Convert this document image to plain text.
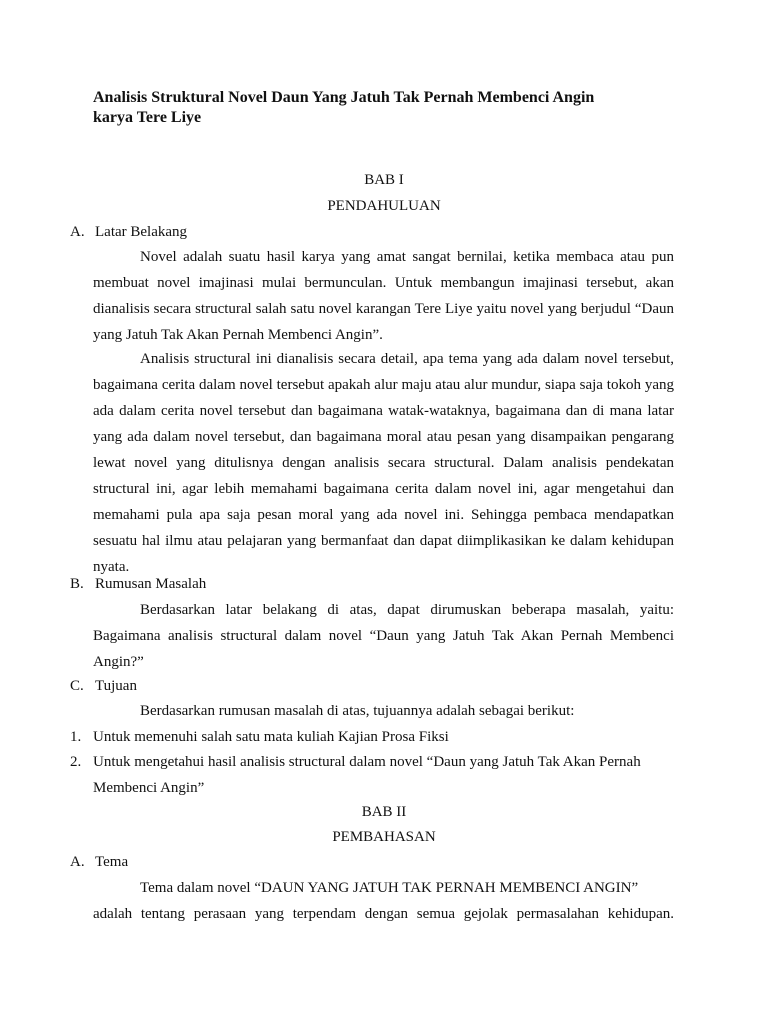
Analisis Struktural Novel Daun Yang Jatuh Tak Pernah Membenci Angin
karya Tere Liye
BAB I
PENDAHULUAN
A. Latar Belakang
Novel adalah suatu hasil karya yang amat sangat bernilai, ketika membaca atau pun membuat novel imajinasi mulai bermunculan. Untuk membangun imajinasi tersebut, akan dianalisis secara structural salah satu novel karangan Tere Liye yaitu novel yang berjudul “Daun yang Jatuh Tak Akan Pernah Membenci Angin”.
Analisis structural ini dianalisis secara detail, apa tema yang ada dalam novel tersebut, bagaimana cerita dalam novel tersebut apakah alur maju atau alur mundur, siapa saja tokoh yang ada dalam cerita novel tersebut dan bagaimana watak-wataknya, bagaimana dan di mana latar yang ada dalam novel tersebut, dan bagaimana moral atau pesan yang disampaikan pengarang lewat novel yang ditulisnya dengan analisis secara structural. Dalam analisis pendekatan structural ini, agar lebih memahami bagaimana cerita dalam novel ini, agar mengetahui dan memahami pula apa saja pesan moral yang ada novel ini. Sehingga pembaca mendapatkan sesuatu hal ilmu atau pelajaran yang bermanfaat dan dapat diimplikasikan ke dalam kehidupan nyata.
B. Rumusan Masalah
Berdasarkan latar belakang di atas, dapat dirumuskan beberapa masalah, yaitu: Bagaimana analisis structural dalam novel “Daun yang Jatuh Tak Akan Pernah Membenci Angin?”
C. Tujuan
Berdasarkan rumusan masalah di atas, tujuannya adalah sebagai berikut:
1. Untuk memenuhi salah satu mata kuliah Kajian Prosa Fiksi
2. Untuk mengetahui hasil analisis structural dalam novel “Daun yang Jatuh Tak Akan Pernah
Membenci Angin”
BAB II
PEMBAHASAN
A. Tema
Tema dalam novel “DAUN YANG JATUH TAK PERNAH MEMBENCI ANGIN”
adalah tentang perasaan yang terpendam dengan semua gejolak permasalahan kehidupan.
